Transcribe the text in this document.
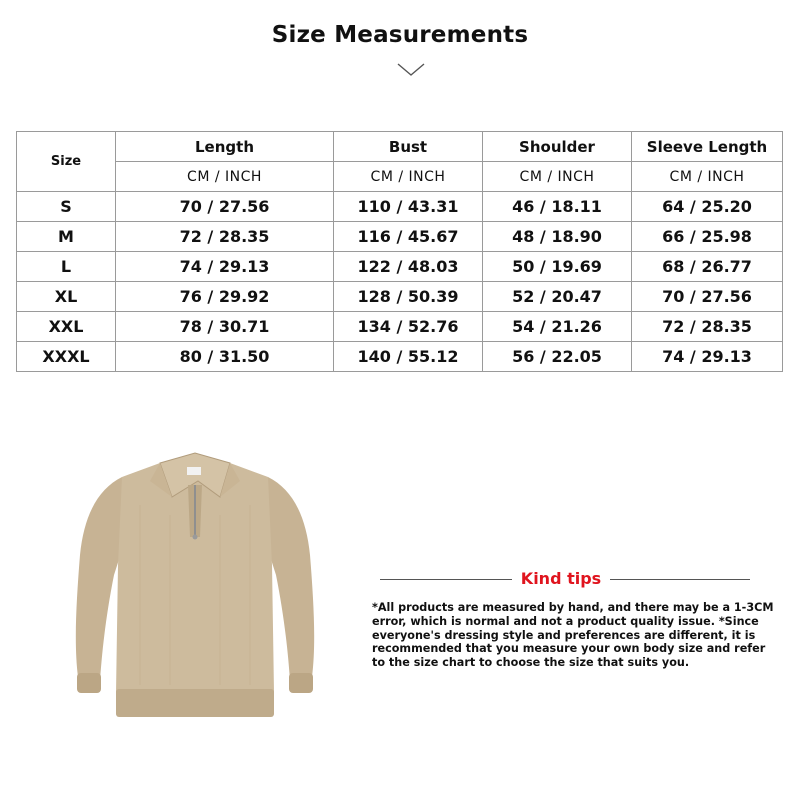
Size Measurements
Size	Length	Bust	Shoulder	Sleeve Length
	CM / INCH	CM / INCH	CM / INCH	CM / INCH
S	70 / 27.56	110 / 43.31	46 / 18.11	64 / 25.20
M	72 / 28.35	116 / 45.67	48 / 18.90	66 / 25.98
L	74 / 29.13	122 / 48.03	50 / 19.69	68 / 26.77
XL	76 / 29.92	128 / 50.39	52 / 20.47	70 / 27.56
XXL	78 / 30.71	134 / 52.76	54 / 21.26	72 / 28.35
XXXL	80 / 31.50	140 / 55.12	56 / 22.05	74 / 29.13
Kind tips
*All products are measured by hand, and there may be a 1-3CM error, which is normal and not a product quality issue. *Since everyone's dressing style and preferences are different, it is recommended that you measure your own body size and refer to the size chart to choose the size that suits you.
